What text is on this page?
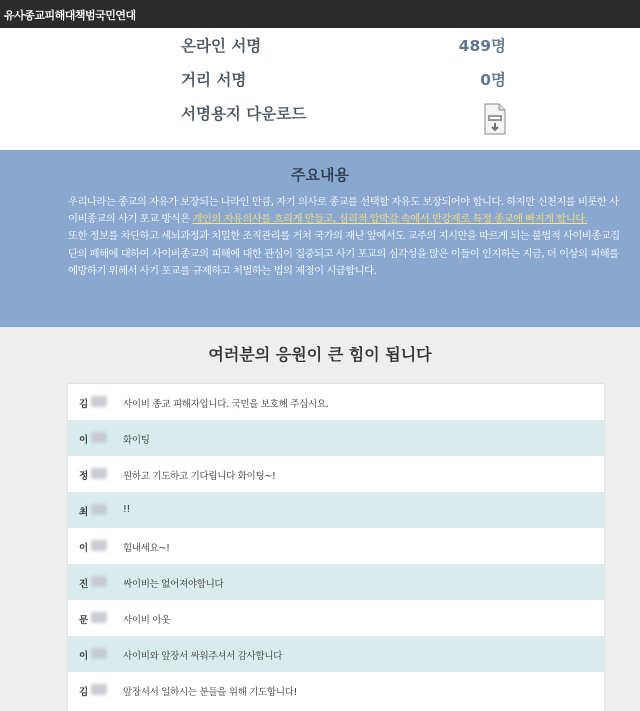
유사종교피해대책범국민연대
온라인 서명	489명
거리 서명	0명
서명용지 다운로드
주요내용
우리나라는 종교의 자유가 보장되는 나라인 만큼, 자기 의사로 종교를 선택할 자유도 보장되어야 합니다. 하지만 신천지를 비롯한 사이비종교의 사기 포교 방식은 개인의 자유의사를 흐리게 만들고, 심리적 압박감 속에서 반강제로 특정 종교에 빠지게 합니다.
또한 정보를 차단하고 세뇌과정과 치밀한 조직관리를 거쳐 국가의 재난 앞에서도 교주의 지시만을 따르게 되는 불법적 사이비종교집단의 폐해에 대하여 사이비종교의 피해에 대한 관심이 집중되고 사기 포교의 심각성을 많은 이들이 인지하는 지금, 더 이상의 피해를 예방하기 위해서 사기 포교를 규제하고 처벌하는 법의 제정이 시급합니다.
여러분의 응원이 큰 힘이 됩니다
김	사이비 종교 피해자입니다. 국민을 보호해 주십시요.
이	화이팅
정	원하고 기도하고 기다립니다 화이팅~!
최	!!
이	힘내세요~!
진	싸이비는 없어져야합니다
문	사이비 아웃
이	사이비와 앞장서 싸워주셔서 감사합니다
김	앞장서서 일하시는 분들을 위해 기도합니다!
